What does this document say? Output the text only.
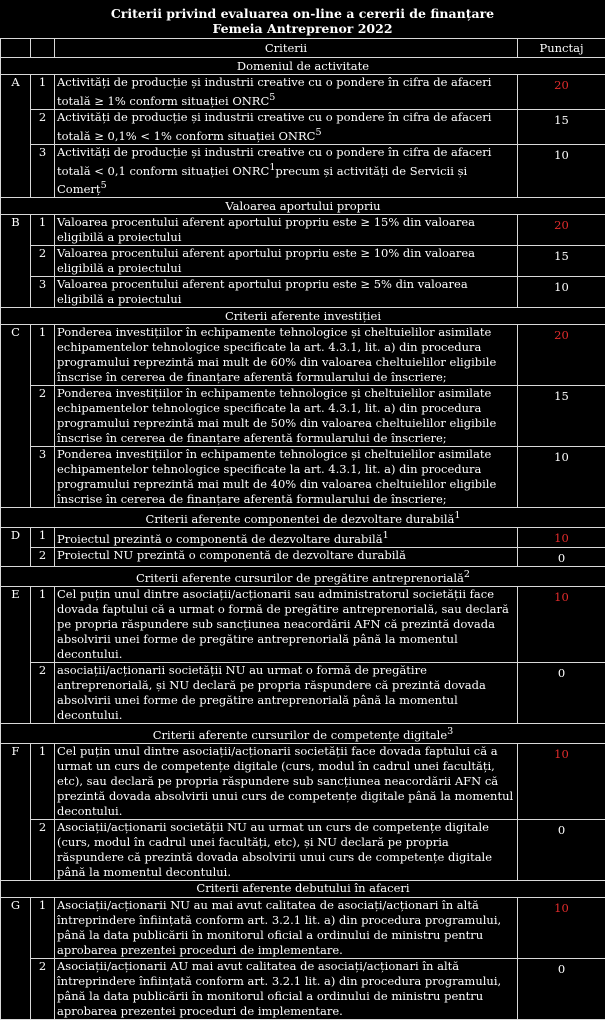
Criterii privind evaluarea on-line a cererii de finanțare
Femeia Antreprenor 2022
		Criterii	Punctaj
Domeniul de activitate			
A	1	Activități de producție și industrii creative cu o pondere în cifra de afaceri totală ≥ 1% conform situației ONRC$^5$	20
	2	Activități de producție și industrii creative cu o pondere în cifra de afaceri totală ≥ 0,1% < 1% conform situației ONRC$^5$	15
	3	Activități de producție și industrii creative cu o pondere în cifra de afaceri totală < 0,1 conform situației ONRC$^1$precum și activități de Servicii și Comerț$^5$	10
Valoarea aportului propriu			
B	1	Valoarea procentului aferent aportului propriu este ≥ 15% din valoarea eligibilă a proiectului	20
	2	Valoarea procentului aferent aportului propriu este ≥ 10% din valoarea eligibilă a proiectului	15
	3	Valoarea procentului aferent aportului propriu este ≥ 5% din valoarea eligibilă a proiectului	10
Criterii aferente investiției			
C	1	Ponderea investițiilor în echipamente tehnologice și cheltuielilor asimilate echipamentelor tehnologice specificate la art. 4.3.1, lit. a) din procedura programului reprezintă mai mult de 60% din valoarea cheltuielilor eligibile înscrise în cererea de finanțare aferentă formularului de înscriere;	20
	2	Ponderea investițiilor în echipamente tehnologice și cheltuielilor asimilate echipamentelor tehnologice specificate la art. 4.3.1, lit. a) din procedura programului reprezintă mai mult de 50% din valoarea cheltuielilor eligibile înscrise în cererea de finanțare aferentă formularului de înscriere;	15
	3	Ponderea investițiilor în echipamente tehnologice și cheltuielilor asimilate echipamentelor tehnologice specificate la art. 4.3.1, lit. a) din procedura programului reprezintă mai mult de 40% din valoarea cheltuielilor eligibile înscrise în cererea de finanțare aferentă formularului de înscriere;	10
Criterii aferente componentei de dezvoltare durabilă$^1$
D	1	Proiectul prezintă o componentă de dezvoltare durabilă$^1$	10
	2	Proiectul NU prezintă o componentă de dezvoltare durabilă	0
Criterii aferente cursurilor de pregătire antreprenorială$^2$
E	1	Cel puțin unul dintre asociații/acționarii sau administratorul societății face dovada faptului că a urmat o formă de pregătire antreprenorială, sau declară pe propria răspundere sub sancțiunea neacordării AFN că prezintă dovada absolvirii unei forme de pregătire antreprenorială până la momentul decontului.	10
	2	asociații/acționarii societății NU au urmat o formă de pregătire antreprenorială, și NU declară pe propria răspundere că prezintă dovada absolvirii unei forme de pregătire antreprenorială până la momentul decontului.	0
Criterii aferente cursurilor de competențe digitale$^3$
F	1	Cel puțin unul dintre asociații/acționarii societății face dovada faptului că a urmat un curs de competențe digitale (curs, modul în cadrul unei facultăți, etc), sau declară pe propria răspundere sub sancțiunea neacordării AFN că prezintă dovada absolvirii unui curs de competențe digitale până la momentul decontului.	10
	2	Asociații/acționarii societății NU au urmat un curs de competențe digitale (curs, modul în cadrul unei facultăți, etc), și NU declară pe propria răspundere că prezintă dovada absolvirii unui curs de competențe digitale până la momentul decontului.	0
Criterii aferente debutului în afaceri			
G	1	Asociații/acționarii NU au mai avut calitatea de asociați/acționari în altă întreprindere înființată conform art. 3.2.1 lit. a) din procedura programului, până la data publicării în monitorul oficial a ordinului de ministru pentru aprobarea prezentei proceduri de implementare.	10
	2	Asociații/acționarii AU mai avut calitatea de asociați/acționari în altă întreprindere înființată conform art. 3.2.1 lit. a) din procedura programului, până la data publicării în monitorul oficial a ordinului de ministru pentru aprobarea prezentei proceduri de implementare.	0
